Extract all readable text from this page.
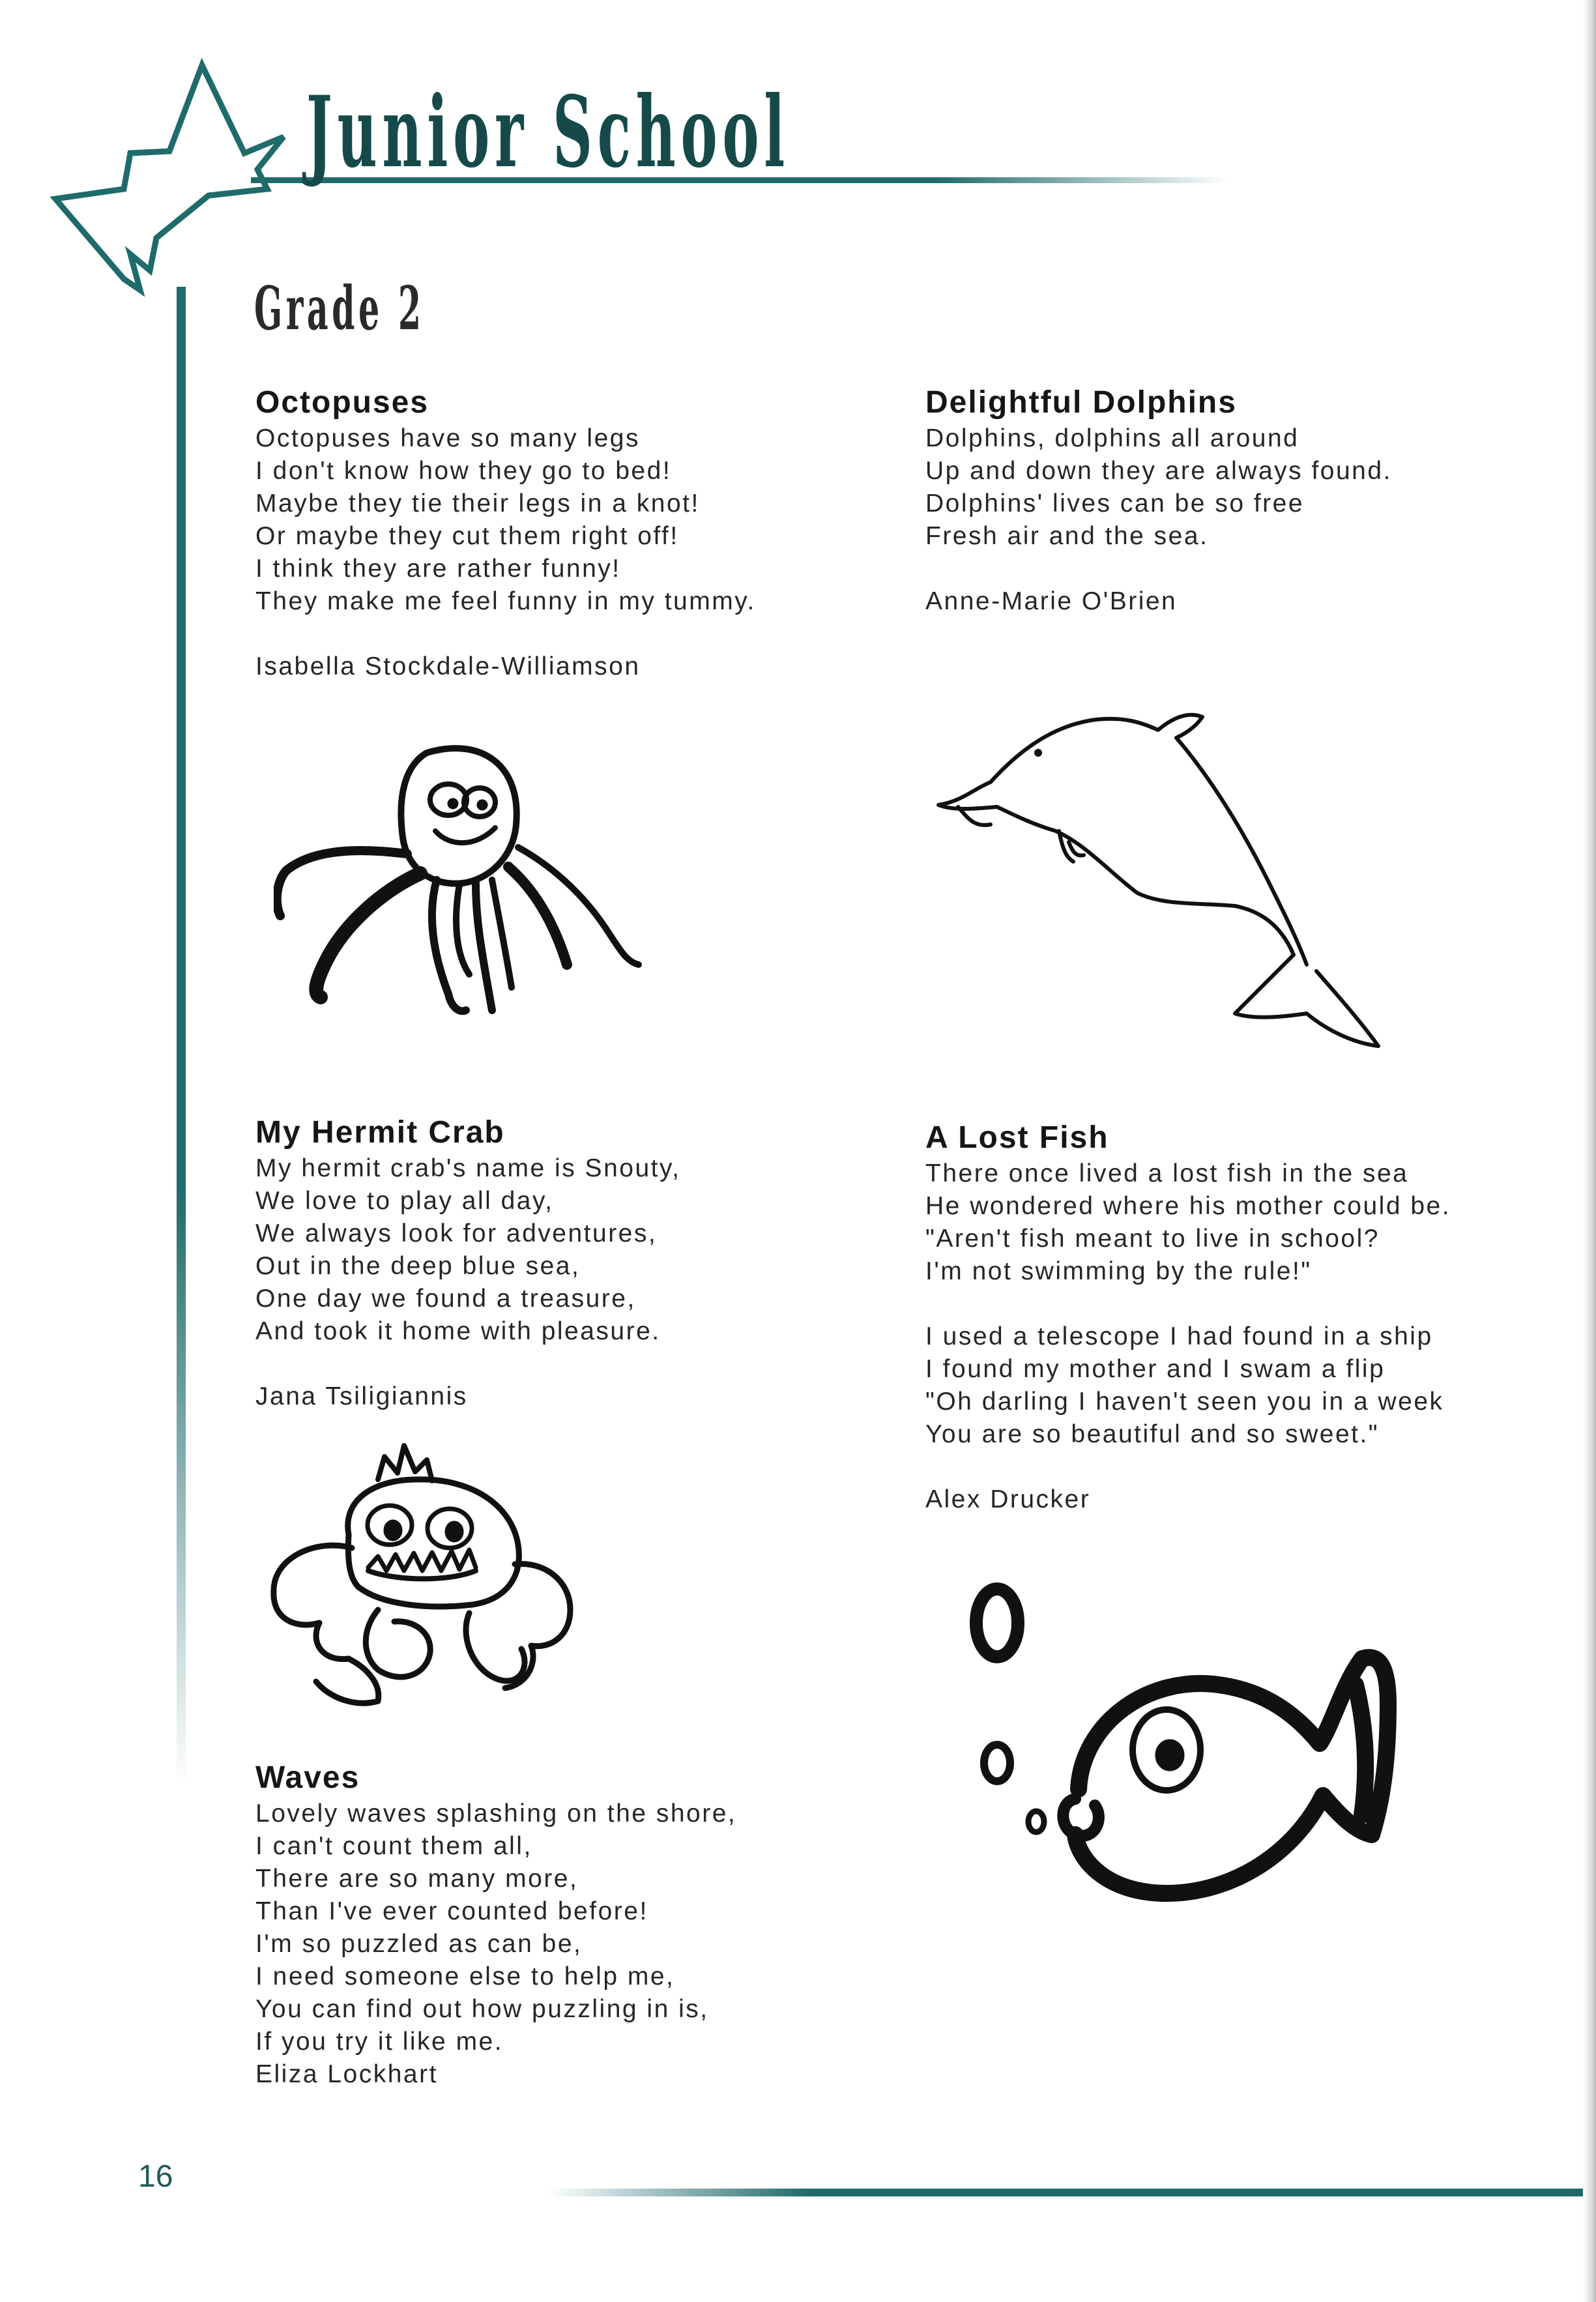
Junior School
Grade 2
Octopuses
Octopuses have so many legs
I don't know how they go to bed!
Maybe they tie their legs in a knot!
Or maybe they cut them right off!
I think they are rather funny!
They make me feel funny in my tummy.
Isabella Stockdale-Williamson
Delightful Dolphins
Dolphins, dolphins all around
Up and down they are always found.
Dolphins' lives can be so free
Fresh air and the sea.
Anne-Marie O'Brien
My Hermit Crab
My hermit crab's name is Snouty,
We love to play all day,
We always look for adventures,
Out in the deep blue sea,
One day we found a treasure,
And took it home with pleasure.
Jana Tsiligiannis
A Lost Fish
There once lived a lost fish in the sea
He wondered where his mother could be.
"Aren't fish meant to live in school?
I'm not swimming by the rule!"
I used a telescope I had found in a ship
I found my mother and I swam a flip
"Oh darling I haven't seen you in a week
You are so beautiful and so sweet."
Alex Drucker
Waves
Lovely waves splashing on the shore,
I can't count them all,
There are so many more,
Than I've ever counted before!
I'm so puzzled as can be,
I need someone else to help me,
You can find out how puzzling in is,
If you try it like me.
Eliza Lockhart

16
